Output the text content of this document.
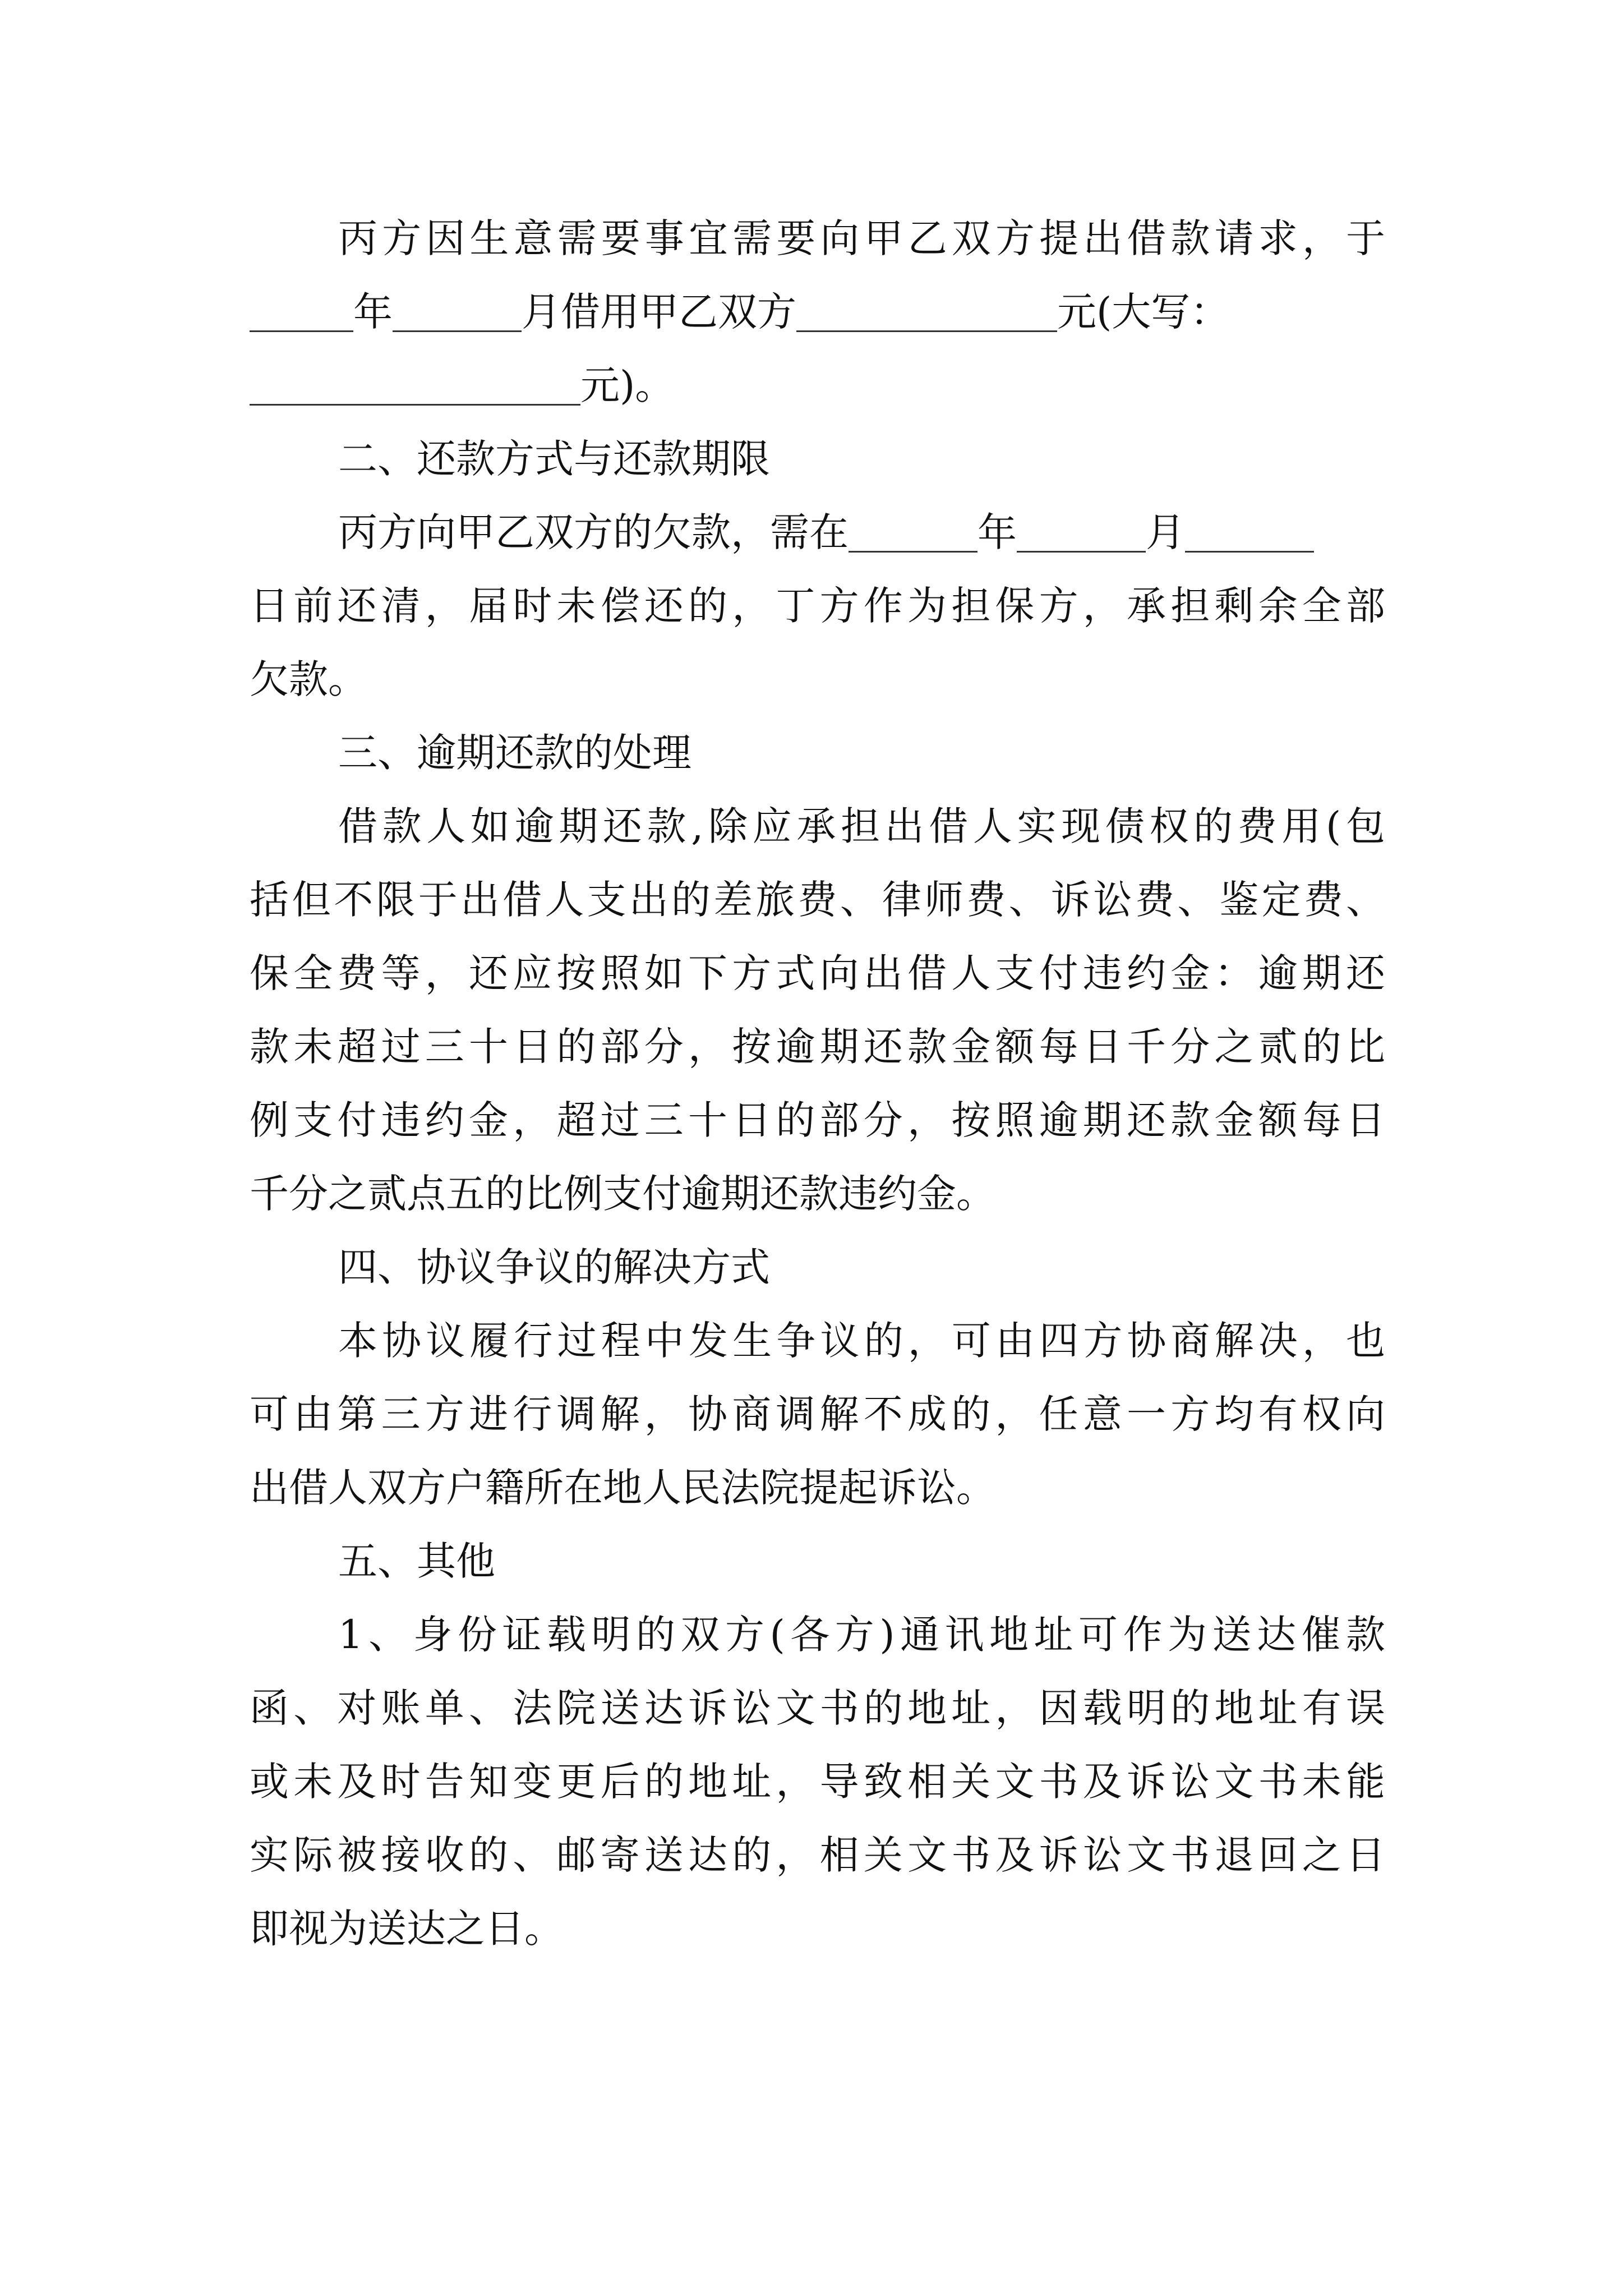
丙方因生意需要事宜需要向甲乙双方提出借款请求，于
年	月借用甲乙双方	元(大写：
元)。
二、还款方式与还款期限
丙方向甲乙双方的欠款，需在	年	月
日前还清，届时未偿还的，丁方作为担保方，承担剩余全部
欠款。
三、逾期还款的处理
借款人如逾期还款,除应承担出借人实现债权的费用(包
括但不限于出借人支出的差旅费、律师费、诉讼费、鉴定费、
保全费等，还应按照如下方式向出借人支付违约金：逾期还
款未超过三十日的部分，按逾期还款金额每日千分之贰的比
例支付违约金，超过三十日的部分，按照逾期还款金额每日
千分之贰点五的比例支付逾期还款违约金。
四、协议争议的解决方式
本协议履行过程中发生争议的，可由四方协商解决，也
可由第三方进行调解，协商调解不成的，任意一方均有权向
出借人双方户籍所在地人民法院提起诉讼。
五、其他
1、身份证载明的双方(各方)通讯地址可作为送达催款
函、对账单、法院送达诉讼文书的地址，因载明的地址有误
或未及时告知变更后的地址，导致相关文书及诉讼文书未能
实际被接收的、邮寄送达的，相关文书及诉讼文书退回之日
即视为送达之日。
